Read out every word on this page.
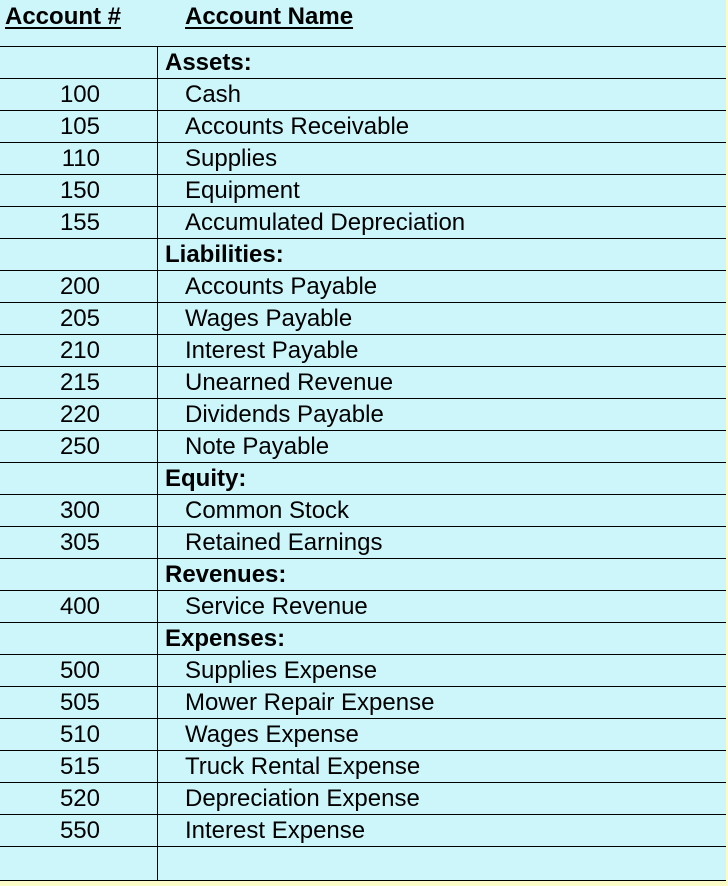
Account #	Account Name
Assets:
100	Cash
105	Accounts Receivable
110	Supplies
150	Equipment
155	Accumulated Depreciation
Liabilities:
200	Accounts Payable
205	Wages Payable
210	Interest Payable
215	Unearned Revenue
220	Dividends Payable
250	Note Payable
Equity:
300	Common Stock
305	Retained Earnings
Revenues:
400	Service Revenue
Expenses:
500	Supplies Expense
505	Mower Repair Expense
510	Wages Expense
515	Truck Rental Expense
520	Depreciation Expense
550	Interest Expense
